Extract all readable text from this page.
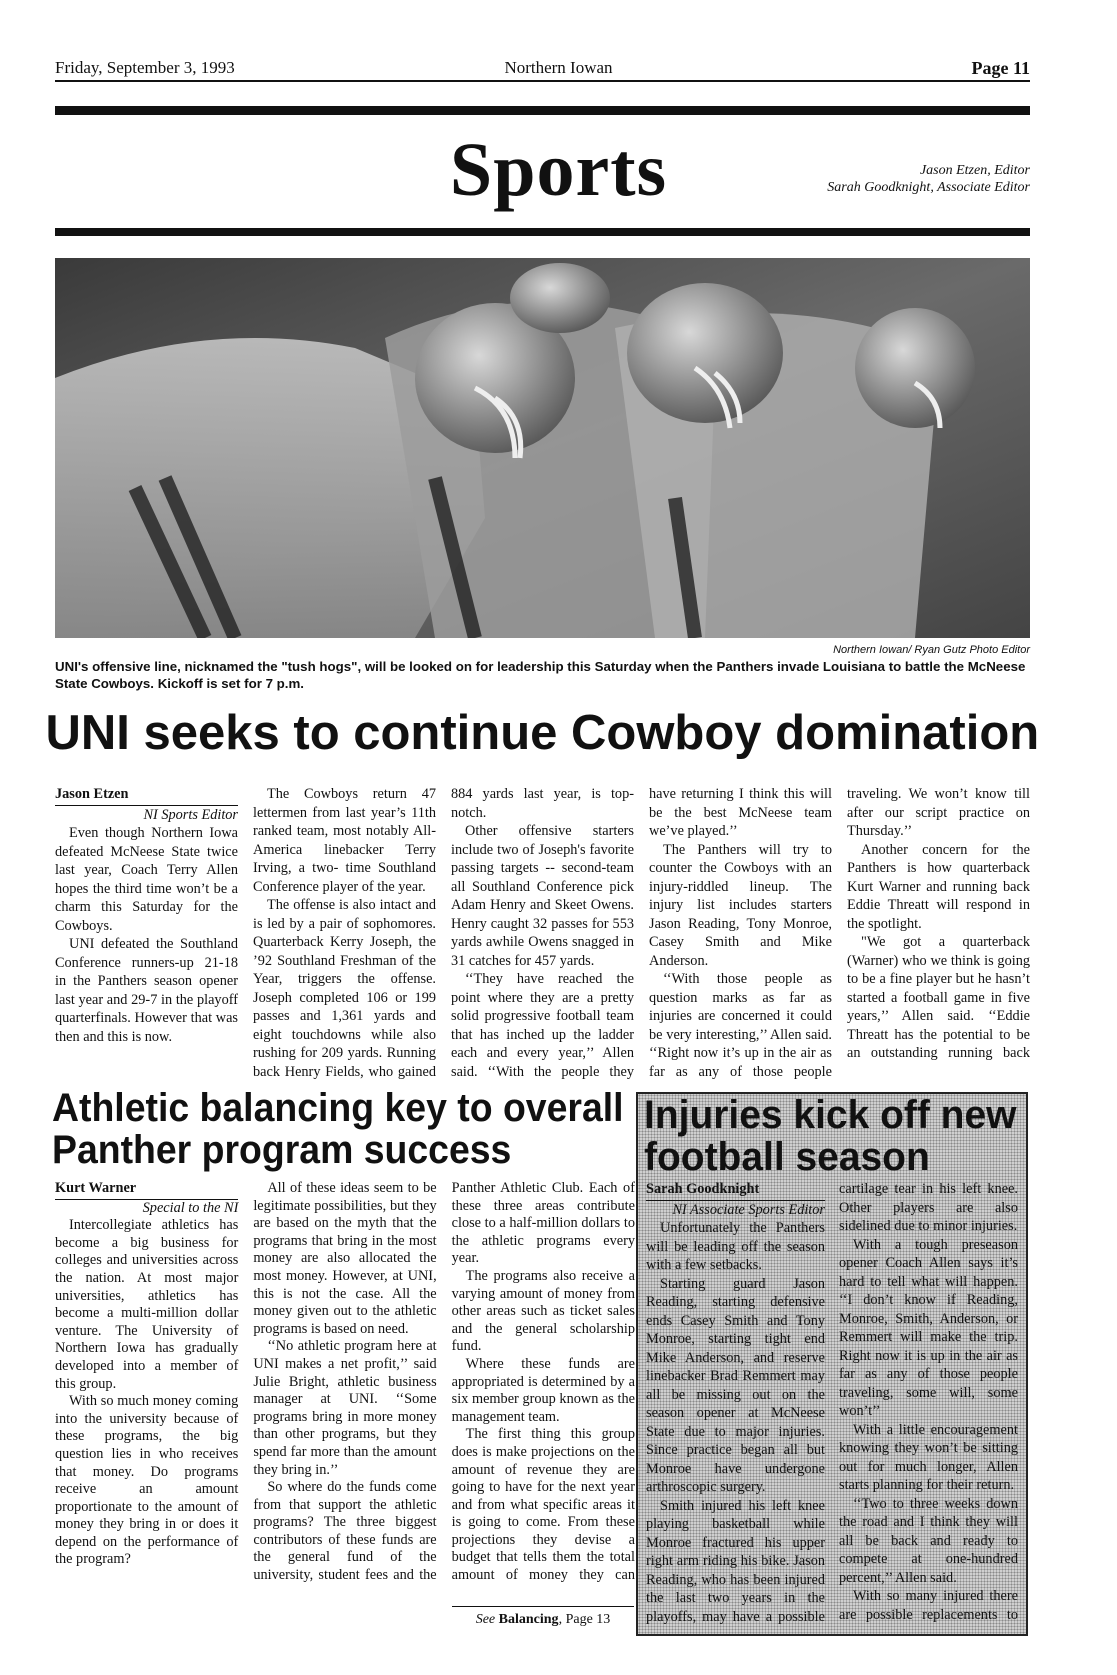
Friday, September 3, 1993	Northern Iowan	Page 11
Sports	Jason Etzen, Editor
Sarah Goodknight, Associate Editor
Northern Iowan/ Ryan Gutz Photo Editor
UNI's offensive line, nicknamed the "tush hogs", will be looked on for leadership this Saturday when the Panthers invade Louisiana to battle the McNeese State Cowboys. Kickoff is set for 7 p.m.
UNI seeks to continue Cowboy domination
Jason Etzen
NI Sports Editor

Even though Northern Iowa defeated McNeese State twice last year, Coach Terry Allen hopes the third time won’t be a charm this Saturday for the Cowboys.

UNI defeated the Southland Conference runners-up 21-18 in the Panthers season opener last year and 29-7 in the playoff quarterfinals. However that was then and this is now.

The Cowboys return 47 lettermen from last year’s 11th ranked team, most notably All-America linebacker Terry Irving, a two- time Southland Conference player of the year.

The offense is also intact and is led by a pair of sophomores. Quarterback Kerry Joseph, the ’92 Southland Freshman of the Year, triggers the offense. Joseph completed 106 or 199 passes and 1,361 yards and eight touchdowns while also rushing for 209 yards. Running back Henry Fields, who gained 884 yards last year, is top-notch.

Other offensive starters include two of Joseph's favorite passing targets -- second-team all Southland Conference pick Adam Henry and Skeet Owens. Henry caught 32 passes for 553 yards awhile Owens snagged in 31 catches for 457 yards.

‘‘They have reached the point where they are a pretty solid progressive football team that has inched up the ladder each and every year,’’ Allen said. ‘‘With the people they have returning I think this will be the best McNeese team we’ve played.’’

The Panthers will try to counter the Cowboys with an injury-riddled lineup. The injury list includes starters Jason Reading, Tony Monroe, Casey Smith and Mike Anderson.

‘‘With those people as question marks as far as injuries are concerned it could be very interesting,’’ Allen said. ‘‘Right now it’s up in the air as far as any of those people traveling. We won’t know till after our script practice on Thursday.’’

Another concern for the Panthers is how quarterback Kurt Warner and running back Eddie Threatt will respond in the spotlight.

"We got a quarterback (Warner) who we think is going to be a fine player but he hasn’t started a football game in five years,’’ Allen said. ‘‘Eddie Threatt has the potential to be an outstanding running back

Athletic balancing key to overall Panther program success
Kurt Warner
Special to the NI

Intercollegiate athletics has become a big business for colleges and universities across the nation. At most major universities, athletics has become a multi-million dollar venture. The University of Northern Iowa has gradually developed into a member of this group.

With so much money coming into the university because of these programs, the big question lies in who receives that money. Do programs receive an amount proportionate to the amount of money they bring in or does it depend on the performance of the program?

All of these ideas seem to be legitimate possibilities, but they are based on the myth that the programs that bring in the most money are also allocated the most money. However, at UNI, this is not the case. All the money given out to the athletic programs is based on need.

‘‘No athletic program here at UNI makes a net profit,’’ said Julie Bright, athletic business manager at UNI. ‘‘Some programs bring in more money than other programs, but they spend far more than the amount they bring in.’’

So where do the funds come from that support the athletic programs? The three biggest contributors of these funds are the general fund of the university, student fees and the Panther Athletic Club. Each of these three areas contribute close to a half-million dollars to the athletic programs every year.

The programs also receive a varying amount of money from other areas such as ticket sales and the general scholarship fund.

Where these funds are appropriated is determined by a six member group known as the management team.

The first thing this group does is make projections on the amount of revenue they are going to have for the next year and from what specific areas it is going to come. From these projections they devise a budget that tells them the total amount of money they can

See Balancing, Page 13
Injuries kick off new football season
Sarah Goodknight
NI Associate Sports Editor

Unfortunately the Panthers will be leading off the season with a few setbacks.

Starting guard Jason Reading, starting defensive ends Casey Smith and Tony Monroe, starting tight end Mike Anderson, and reserve linebacker Brad Remmert may all be missing out on the season opener at McNeese State due to major injuries. Since practice began all but Monroe have undergone arthroscopic surgery.

Smith injured his left knee playing basketball while Monroe fractured his upper right arm riding his bike. Jason Reading, who has been injured the last two years in the playoffs, may have a possible cartilage tear in his left knee. Other players are also sidelined due to minor injuries.

With a tough preseason opener Coach Allen says it’s hard to tell what will happen. ‘‘I don’t know if Reading, Monroe, Smith, Anderson, or Remmert will make the trip. Right now it is up in the air as far as any of those people traveling, some will, some won’t’’

With a little encouragement knowing they won’t be sitting out for much longer, Allen starts planning for their return.

‘‘Two to three weeks down the road and I think they will all be back and ready to compete at one-hundred percent,’’ Allen said.

With so many injured there are possible replacements to
